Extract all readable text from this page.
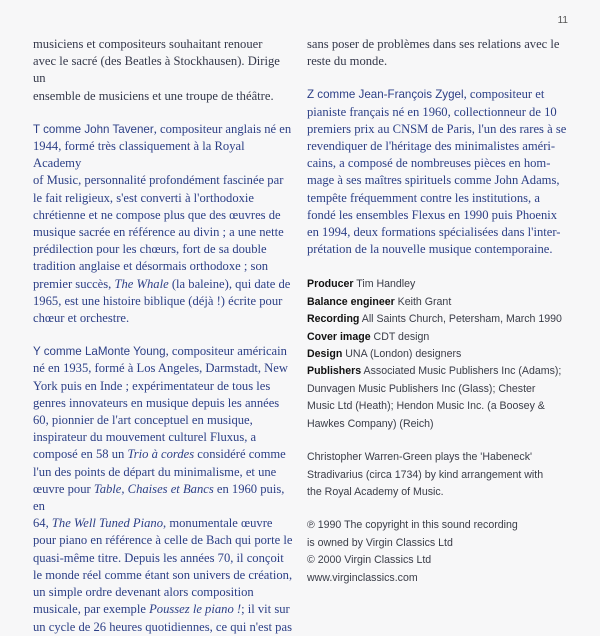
11

musiciens et compositeurs souhaitant renouer
avec le sacré (des Beatles à Stockhausen). Dirige un
ensemble de musiciens et une troupe de théâtre.

T comme John Tavener, compositeur anglais né en
1944, formé très classiquement à la Royal Academy
of Music, personnalité profondément fascinée par
le fait religieux, s'est converti à l'orthodoxie
chrétienne et ne compose plus que des œuvres de
musique sacrée en référence au divin ; a une nette
prédilection pour les chœurs, fort de sa double
tradition anglaise et désormais orthodoxe ; son
premier succès, The Whale (la baleine), qui date de
1965, est une histoire biblique (déjà !) écrite pour
chœur et orchestre.

Y comme LaMonte Young, compositeur américain
né en 1935, formé à Los Angeles, Darmstadt, New
York puis en Inde ; expérimentateur de tous les
genres innovateurs en musique depuis les années
60, pionnier de l'art conceptuel en musique,
inspirateur du mouvement culturel Fluxus, a
composé en 58 un Trio à cordes considéré comme
l'un des points de départ du minimalisme, et une
œuvre pour Table, Chaises et Bancs en 1960 puis, en
64, The Well Tuned Piano, monumentale œuvre
pour piano en référence à celle de Bach qui porte le
quasi-même titre. Depuis les années 70, il conçoit
le monde réel comme étant son univers de création,
un simple ordre devenant alors composition
musicale, par exemple Poussez le piano !; il vit sur
un cycle de 26 heures quotidiennes, ce qui n'est pas

sans poser de problèmes dans ses relations avec le
reste du monde.

Z comme Jean-François Zygel, compositeur et
pianiste français né en 1960, collectionneur de 10
premiers prix au CNSM de Paris, l'un des rares à se
revendiquer de l'héritage des minimalistes améri-
cains, a composé de nombreuses pièces en hom-
mage à ses maîtres spirituels comme John Adams,
tempête fréquemment contre les institutions, a
fondé les ensembles Flexus en 1990 puis Phoenix
en 1994, deux formations spécialisées dans l'inter-
prétation de la nouvelle musique contemporaine.

Producer Tim Handley
Balance engineer Keith Grant
Recording All Saints Church, Petersham, March 1990
Cover image CDT design
Design UNA (London) designers
Publishers Associated Music Publishers Inc (Adams);
Dunvagen Music Publishers Inc (Glass); Chester
Music Ltd (Heath); Hendon Music Inc. (a Boosey &
Hawkes Company) (Reich)
Christopher Warren-Green plays the 'Habeneck'
Stradivarius (circa 1734) by kind arrangement with
the Royal Academy of Music.
℗ 1990 The copyright in this sound recording
is owned by Virgin Classics Ltd
© 2000 Virgin Classics Ltd
www.virginclassics.com
